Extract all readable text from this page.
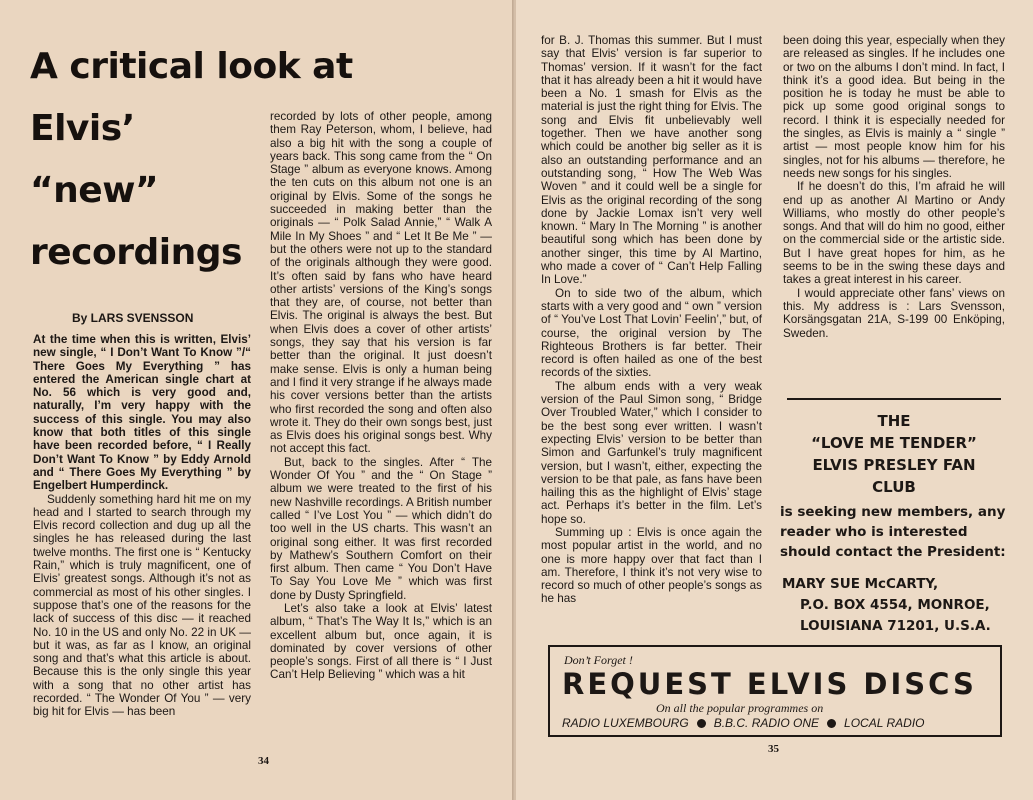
A critical look at
Elvis’
“new”
recordings
By LARS SVENSSON

At the time when this is written, Elvis’ new single, “ I Don’t Want To Know ”/“ There Goes My Everything ” has entered the American single chart at No. 56 which is very good and, naturally, I’m very happy with the success of this single. You may also know that both titles of this single have been recorded before, “ I Really Don’t Want To Know ” by Eddy Arnold and “ There Goes My Everything ” by Engelbert Humperdinck.

Suddenly something hard hit me on my head and I started to search through my Elvis record collection and dug up all the singles he has released during the last twelve months. The first one is “ Kentucky Rain,” which is truly magnificent, one of Elvis’ greatest songs. Although it’s not as commercial as most of his other singles. I suppose that’s one of the reasons for the lack of success of this disc — it reached No. 10 in the US and only No. 22 in UK — but it was, as far as I know, an original song and that’s what this article is about. Because this is the only single this year with a song that no other artist has recorded. “ The Wonder Of You ” — very big hit for Elvis — has been

recorded by lots of other people, among them Ray Peterson, whom, I believe, had also a big hit with the song a couple of years back. This song came from the “ On Stage ” album as everyone knows. Among the ten cuts on this album not one is an original by Elvis. Some of the songs he succeeded in making better than the originals — “ Polk Salad Annie,” “ Walk A Mile In My Shoes ” and “ Let It Be Me ” — but the others were not up to the standard of the originals although they were good. It’s often said by fans who have heard other artists’ versions of the King’s songs that they are, of course, not better than Elvis. The original is always the best. But when Elvis does a cover of other artists’ songs, they say that his version is far better than the original. It just doesn’t make sense. Elvis is only a human being and I find it very strange if he always made his cover versions better than the artists who first recorded the song and often also wrote it. They do their own songs best, just as Elvis does his original songs best. Why not accept this fact.

But, back to the singles. After “ The Wonder Of You ” and the “ On Stage ” album we were treated to the first of his new Nashville recordings. A British number called “ I’ve Lost You ” — which didn’t do too well in the US charts. This wasn’t an original song either. It was first recorded by Mathew’s Southern Comfort on their first album. Then came “ You Don’t Have To Say You Love Me ” which was first done by Dusty Springfield.

Let’s also take a look at Elvis’ latest album, “ That’s The Way It Is,” which is an excellent album but, once again, it is dominated by cover versions of other people’s songs. First of all there is “ I Just Can’t Help Believing ” which was a hit

34
35

for B. J. Thomas this summer. But I must say that Elvis’ version is far superior to Thomas’ version. If it wasn’t for the fact that it has already been a hit it would have been a No. 1 smash for Elvis as the material is just the right thing for Elvis. The song and Elvis fit unbelievably well together. Then we have another song which could be another big seller as it is also an outstanding performance and an outstanding song, “ How The Web Was Woven ” and it could well be a single for Elvis as the original recording of the song done by Jackie Lomax isn’t very well known. “ Mary In The Morning ” is another beautiful song which has been done by another singer, this time by Al Martino, who made a cover of “ Can’t Help Falling In Love.”

On to side two of the album, which starts with a very good and “ own ” version of “ You’ve Lost That Lovin’ Feelin’,” but, of course, the original version by The Righteous Brothers is far better. Their record is often hailed as one of the best records of the sixties.

The album ends with a very weak version of the Paul Simon song, “ Bridge Over Troubled Water,” which I consider to be the best song ever written. I wasn’t expecting Elvis’ version to be better than Simon and Garfunkel’s truly magnificent version, but I wasn’t, either, expecting the version to be that pale, as fans have been hailing this as the highlight of Elvis’ stage act. Perhaps it’s better in the film. Let’s hope so.

Summing up : Elvis is once again the most popular artist in the world, and no one is more happy over that fact than I am. Therefore, I think it’s not very wise to record so much of other people’s songs as he has

been doing this year, especially when they are released as singles. If he includes one or two on the albums I don’t mind. In fact, I think it’s a good idea. But being in the position he is today he must be able to pick up some good original songs to record. I think it is especially needed for the singles, as Elvis is mainly a “ single ” artist — most people know him for his singles, not for his albums — therefore, he needs new songs for his singles.

If he doesn’t do this, I’m afraid he will end up as another Al Martino or Andy Williams, who mostly do other people’s songs. And that will do him no good, either on the commercial side or the artistic side. But I have great hopes for him, as he seems to be in the swing these days and takes a great interest in his career.

I would appreciate other fans’ views on this. My address is : Lars Svensson, Korsängsgatan 21A, S-199 00 Enköping, Sweden.

THE
“LOVE ME TENDER”
ELVIS PRESLEY FAN
CLUB
is seeking new members, any reader who is interested should contact the President:
MARY SUE McCARTY,
P.O. BOX 4554, MONROE,
LOUISIANA 71201, U.S.A.
Don’t Forget !
REQUEST ELVIS DISCS
On all the popular programmes on
RADIO LUXEMBOURG B.B.C. RADIO ONE LOCAL RADIO
